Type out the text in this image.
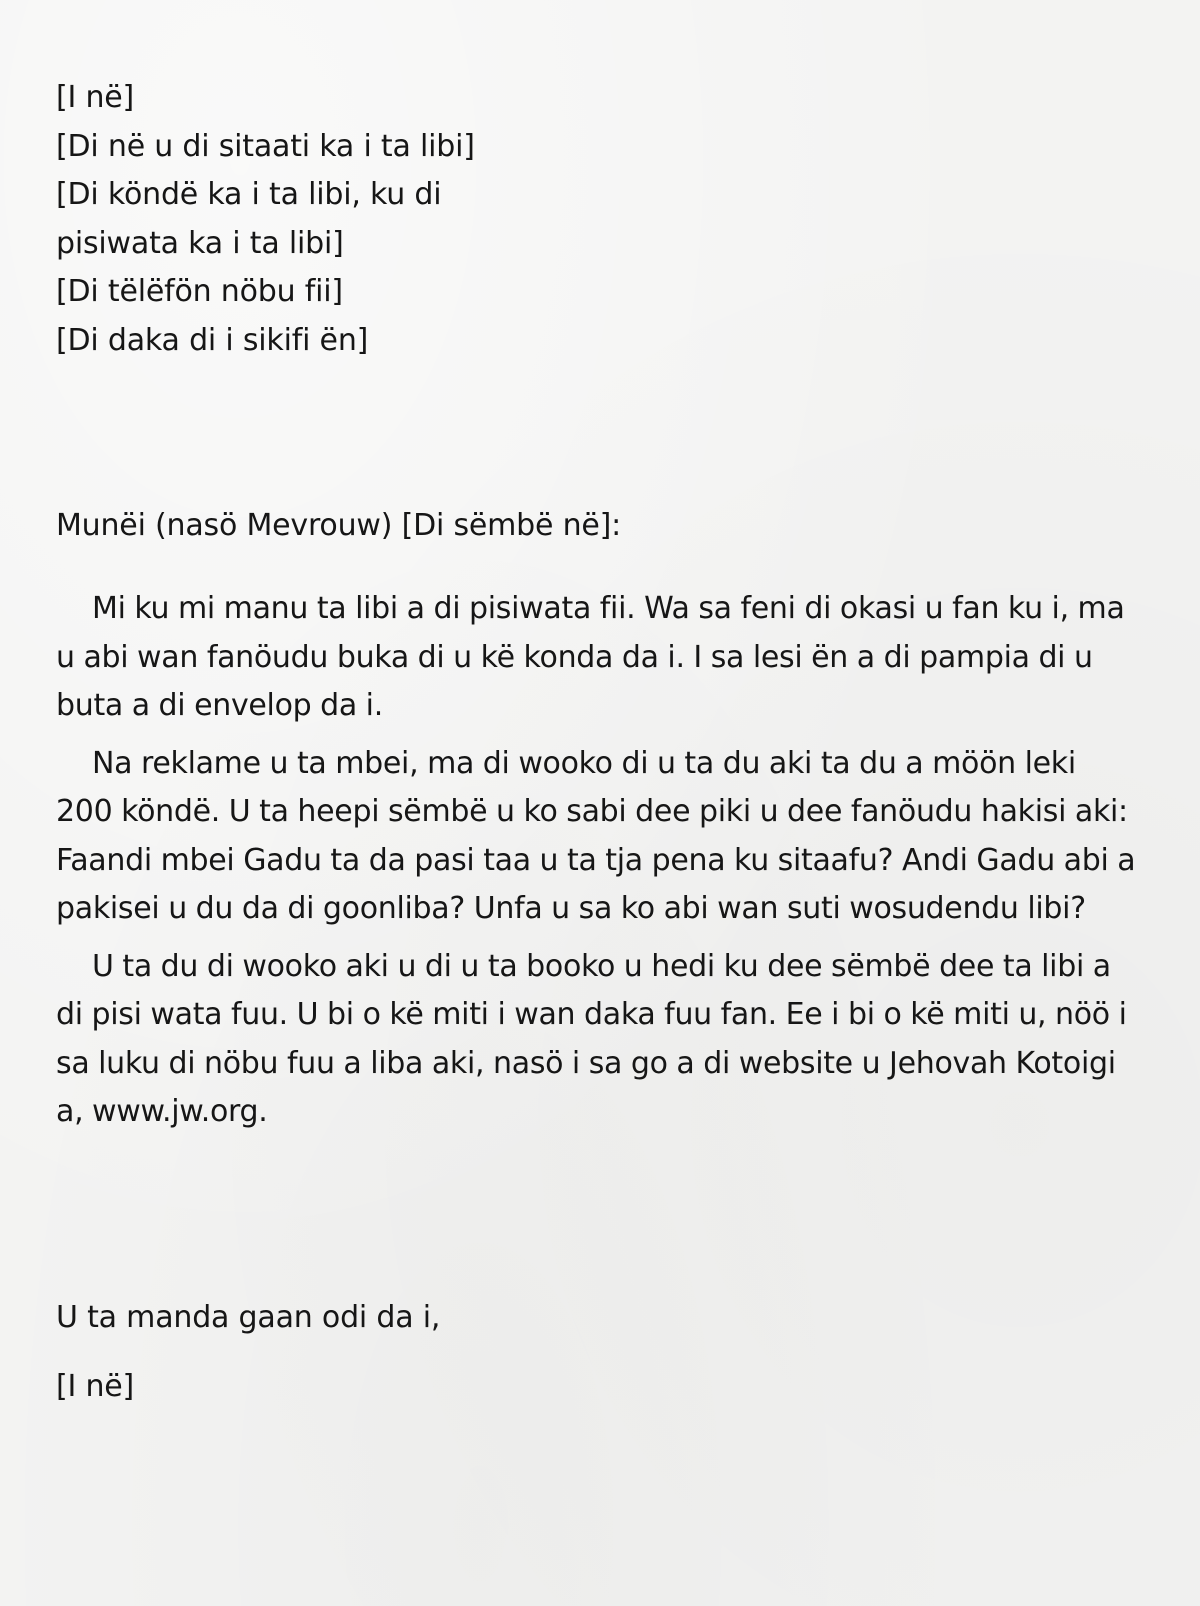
[I në]
[Di në u di sitaati ka i ta libi]
[Di köndë ka i ta libi, ku di
pisiwata ka i ta libi]
[Di tëlëfön nöbu fii]
[Di daka di i sikifi ën]
Munëi (nasö Mevrouw) [Di sëmbë në]:

Mi ku mi manu ta libi a di pisiwata fii. Wa sa feni di okasi u fan ku i, ma u abi wan fanöudu buka di u kë konda da i. I sa lesi ën a di pampia di u buta a di envelop da i.

Na reklame u ta mbei, ma di wooko di u ta du aki ta du a möön leki 200 köndë. U ta heepi sëmbë u ko sabi dee piki u dee fanöudu hakisi aki: Faandi mbei Gadu ta da pasi taa u ta tja pena ku sitaafu? Andi Gadu abi a pakisei u du da di goonliba? Unfa u sa ko abi wan suti wosudendu libi?

U ta du di wooko aki u di u ta booko u hedi ku dee sëmbë dee ta libi a di pisi wata fuu. U bi o kë miti i wan daka fuu fan. Ee i bi o kë miti u, nöö i sa luku di nöbu fuu a liba aki, nasö i sa go a di website u Jehovah Kotoigi a, www.jw.org.

U ta manda gaan odi da i,
[I në]
